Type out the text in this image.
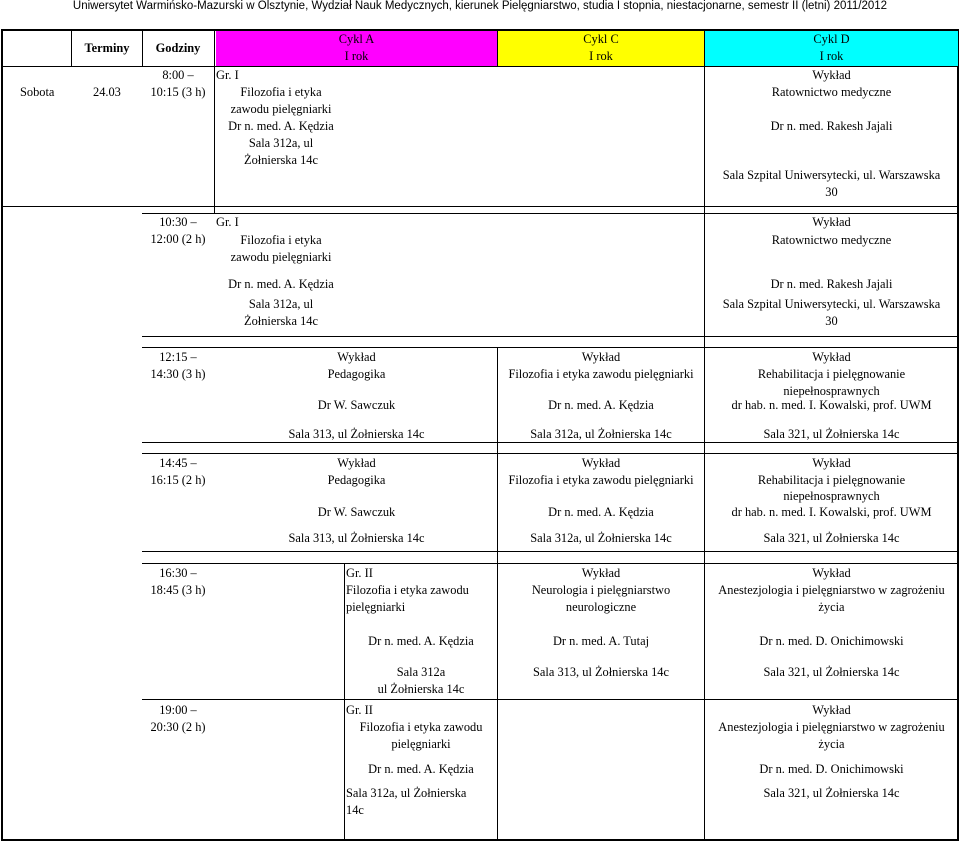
Uniwersytet Warmińsko-Mazurski w Olsztynie, Wydział Nauk Medycznych, kierunek Pielęgniarstwo, studia I stopnia, niestacjonarne, semestr II (letni) 2011/2012
Terminy	Godziny
Cykl A
I rok
Cykl C
I rok
Cykl D
I rok
Sobota	24.03
8:00 –
10:15 (3 h)
10:30 –
12:00 (2 h)
12:15 –
14:30 (3 h)
14:45 –
16:15 (2 h)
16:30 –
18:45 (3 h)
19:00 –
20:30 (2 h)
Gr. I
Filozofia i etyka
zawodu pielęgniarki
Dr n. med. A. Kędzia
Sala 312a, ul
Żołnierska 14c
Wykład
Ratownictwo medyczne
Dr n. med. Rakesh Jajali
Sala Szpital Uniwersytecki, ul. Warszawska
30
Gr. I
Filozofia i etyka
zawodu pielęgniarki
Dr n. med. A. Kędzia
Sala 312a, ul
Żołnierska 14c
Wykład
Ratownictwo medyczne
Dr n. med. Rakesh Jajali
Sala Szpital Uniwersytecki, ul. Warszawska
30
Wykład
Pedagogika
Dr W. Sawczuk
Sala 313, ul Żołnierska 14c
Wykład
Filozofia i etyka zawodu pielęgniarki
Dr n. med. A. Kędzia
Sala 312a, ul Żołnierska 14c
Wykład
Rehabilitacja i pielęgnowanie
niepełnosprawnych
dr hab. n. med. I. Kowalski, prof. UWM
Sala 321, ul Żołnierska 14c
Wykład
Pedagogika
Dr W. Sawczuk
Sala 313, ul Żołnierska 14c
Wykład
Filozofia i etyka zawodu pielęgniarki
Dr n. med. A. Kędzia
Sala 312a, ul Żołnierska 14c
Wykład
Rehabilitacja i pielęgnowanie
niepełnosprawnych
dr hab. n. med. I. Kowalski, prof. UWM
Sala 321, ul Żołnierska 14c
Gr. II
Filozofia i etyka zawodu
pielęgniarki
Dr n. med. A. Kędzia
Sala 312a
ul Żołnierska 14c
Wykład
Neurologia i pielęgniarstwo
neurologiczne
Dr n. med. A. Tutaj
Sala 313, ul Żołnierska 14c
Wykład
Anestezjologia i pielęgniarstwo w zagrożeniu
życia
Dr n. med. D. Onichimowski
Sala 321, ul Żołnierska 14c
Gr. II
Filozofia i etyka zawodu
pielęgniarki
Dr n. med. A. Kędzia
Sala 312a, ul Żołnierska
14c
Wykład
Anestezjologia i pielęgniarstwo w zagrożeniu
życia
Dr n. med. D. Onichimowski
Sala 321, ul Żołnierska 14c
